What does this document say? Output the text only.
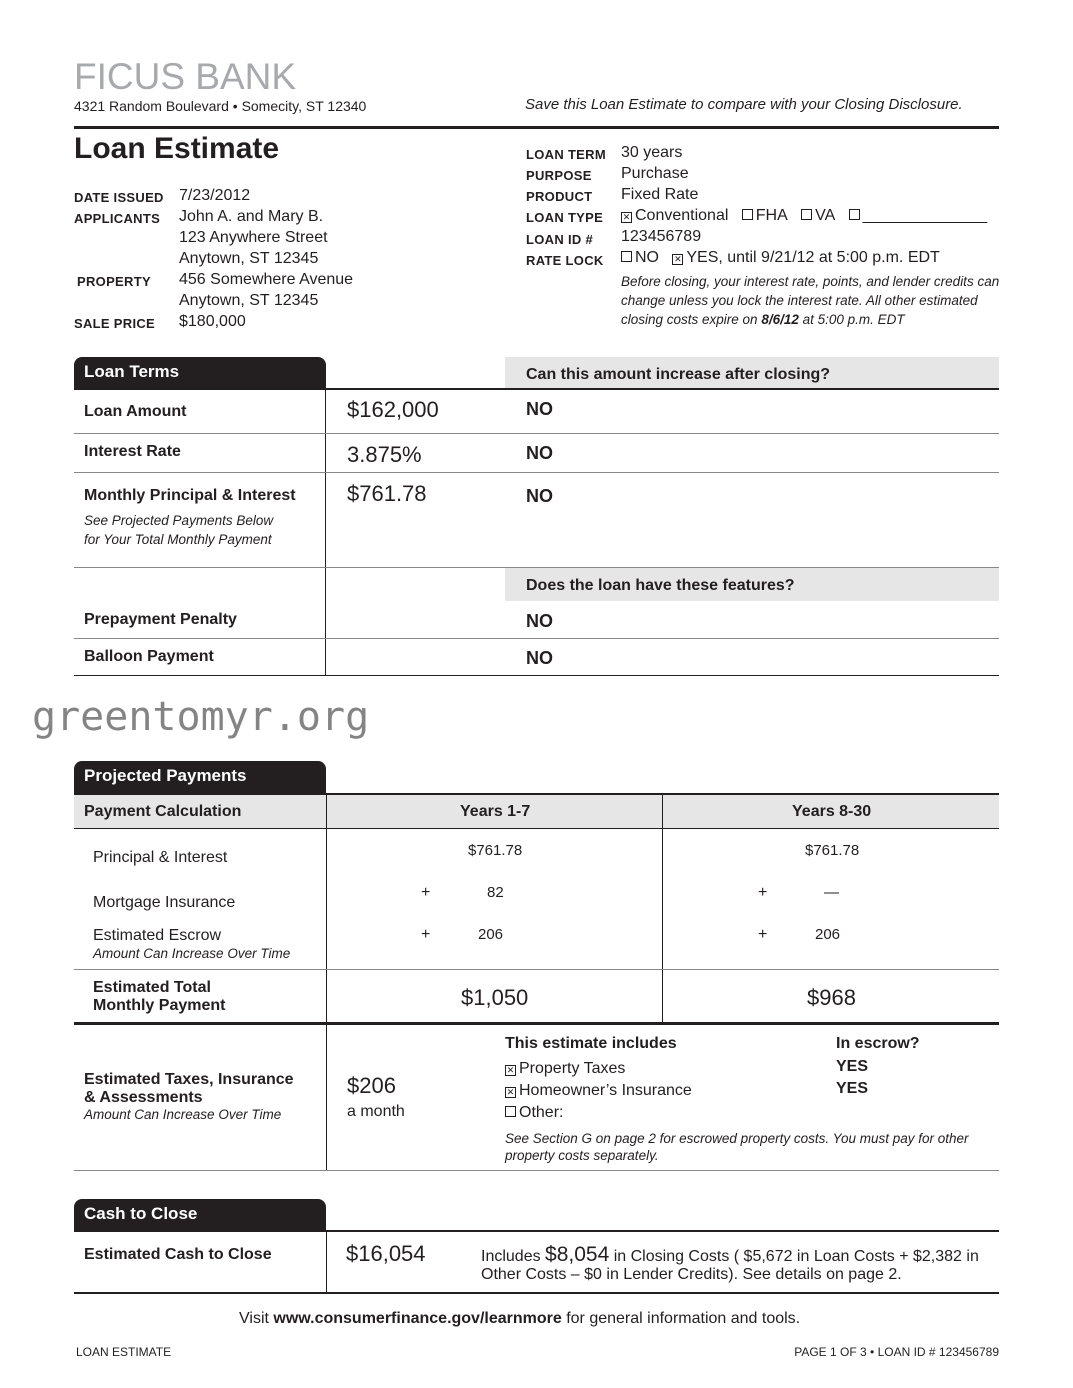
FICUS BANK
4321 Random Boulevard • Somecity, ST 12340	Save this Loan Estimate to compare with your Closing Disclosure.
Loan Estimate
DATE ISSUED 7/23/2012
APPLICANTS John A. and Mary B.
123 Anywhere Street
Anytown, ST 12345
PROPERTY 456 Somewhere Avenue
Anytown, ST 12345
SALE PRICE $180,000
LOAN TERM 30 years
PURPOSE Purchase
PRODUCT Fixed Rate
LOAN TYPE ✕ Conventional FHA VA ______________
LOAN ID # 123456789
RATE LOCK	NO ✕ YES, until 9/21/12 at 5:00 p.m. EDT
Before closing, your interest rate, points, and lender credits can
change unless you lock the interest rate. All other estimated
closing costs expire on 8/6/12 at 5:00 p.m. EDT
Loan Terms	Can this amount increase after closing?
Loan Amount	$162,000	NO
Interest Rate	3.875%	NO
Monthly Principal & Interest
See Projected Payments Below
for Your Total Monthly Payment
$761.78	NO
Does the loan have these features?
Prepayment Penalty	NO
Balloon Payment	NO
greentomyr.org
Projected Payments
Payment Calculation	Years 1-7	Years 8-30
Principal & Interest	$761.78	$761.78
Mortgage Insurance
+	82	+	—
Estimated Escrow
Amount Can Increase Over Time
+	206	+	206
Estimated Total
Monthly Payment	$1,050	$968
Estimated Taxes, Insurance
& Assessments
Amount Can Increase Over Time
$206
a month
This estimate includes	In escrow?
✕ Property Taxes	YES
✕ Homeowner’s Insurance	YES
Other:
See Section G on page 2 for escrowed property costs. You must pay for other
property costs separately.
Cash to Close
Estimated Cash to Close	$16,054	Includes $8,054 in Closing Costs ( $5,672 in Loan Costs + $2,382 in
Other Costs – $0 in Lender Credits). See details on page 2.
Visit www.consumerfinance.gov/learnmore for general information and tools.
LOAN ESTIMATE	PAGE 1 OF 3 • LOAN ID # 123456789
